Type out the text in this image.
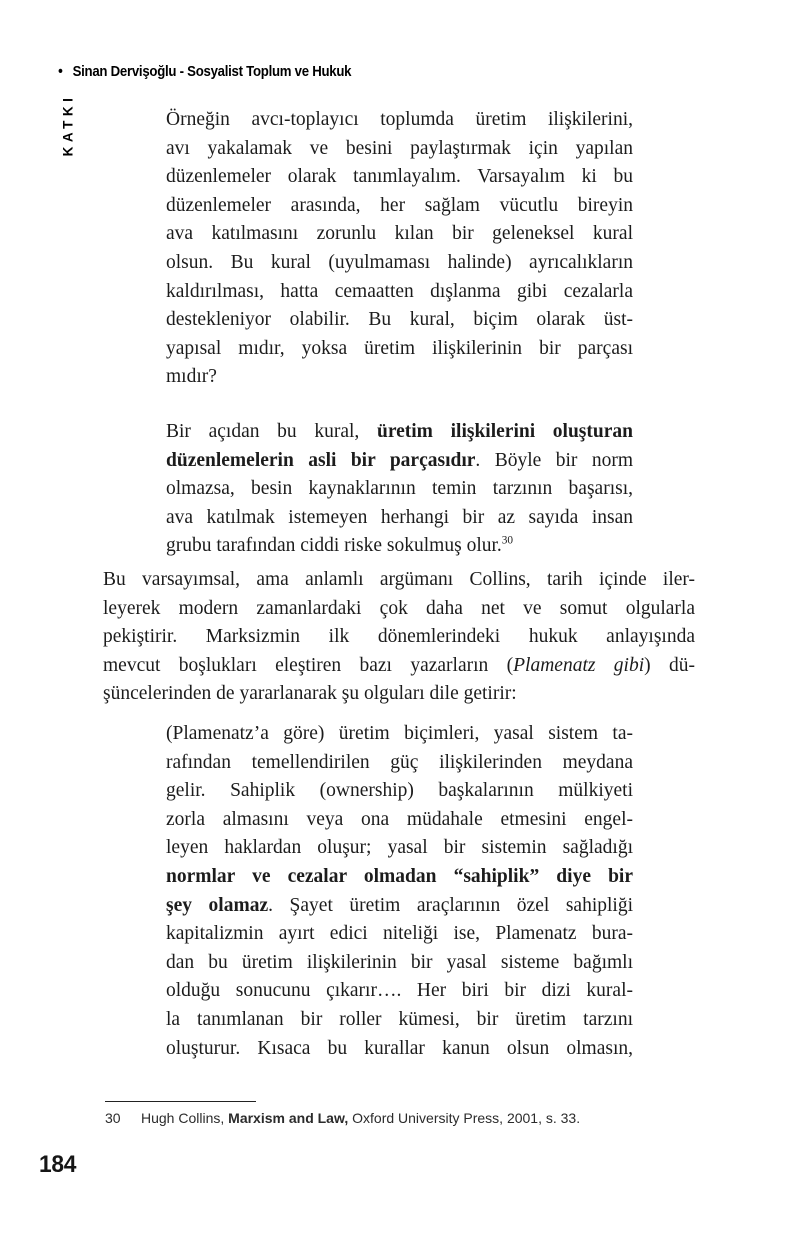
• Sinan Dervişoğlu - Sosyalist Toplum ve Hukuk
KATKI	Örneğin avcı-toplayıcı toplumda üretim ilişkilerini,
avı yakalamak ve besini paylaştırmak için yapılan
düzenlemeler olarak tanımlayalım. Varsayalım ki bu
düzenlemeler arasında, her sağlam vücutlu bireyin
ava katılmasını zorunlu kılan bir geleneksel kural
olsun. Bu kural (uyulmaması halinde) ayrıcalıkların
kaldırılması, hatta cemaatten dışlanma gibi cezalarla
destekleniyor olabilir. Bu kural, biçim olarak üst-
yapısal mıdır, yoksa üretim ilişkilerinin bir parçası
mıdır?
Bir açıdan bu kural, üretim ilişkilerini oluşturan
düzenlemelerin asli bir parçasıdır. Böyle bir norm
olmazsa, besin kaynaklarının temin tarzının başarısı,
ava katılmak istemeyen herhangi bir az sayıda insan
grubu tarafından ciddi riske sokulmuş olur.$^{30}$
Bu varsayımsal, ama anlamlı argümanı Collins, tarih içinde iler-
leyerek modern zamanlardaki çok daha net ve somut olgularla
pekiştirir. Marksizmin ilk dönemlerindeki hukuk anlayışında
mevcut boşlukları eleştiren bazı yazarların (Plamenatz gibi) dü-
şüncelerinden de yararlanarak şu olguları dile getirir:
(Plamenatz’a göre) üretim biçimleri, yasal sistem ta-
rafından temellendirilen güç ilişkilerinden meydana
gelir. Sahiplik (ownership) başkalarının mülkiyeti
zorla almasını veya ona müdahale etmesini engel-
leyen haklardan oluşur; yasal bir sistemin sağladığı
normlar ve cezalar olmadan “sahiplik” diye bir
şey olamaz. Şayet üretim araçlarının özel sahipliği
kapitalizmin ayırt edici niteliği ise, Plamenatz bura-
dan bu üretim ilişkilerinin bir yasal sisteme bağımlı
olduğu sonucunu çıkarır…. Her biri bir dizi kural-
la tanımlanan bir roller kümesi, bir üretim tarzını
oluşturur. Kısaca bu kurallar kanun olsun olmasın,
30 Hugh Collins, Marxism and Law, Oxford University Press, 2001, s. 33.
184
